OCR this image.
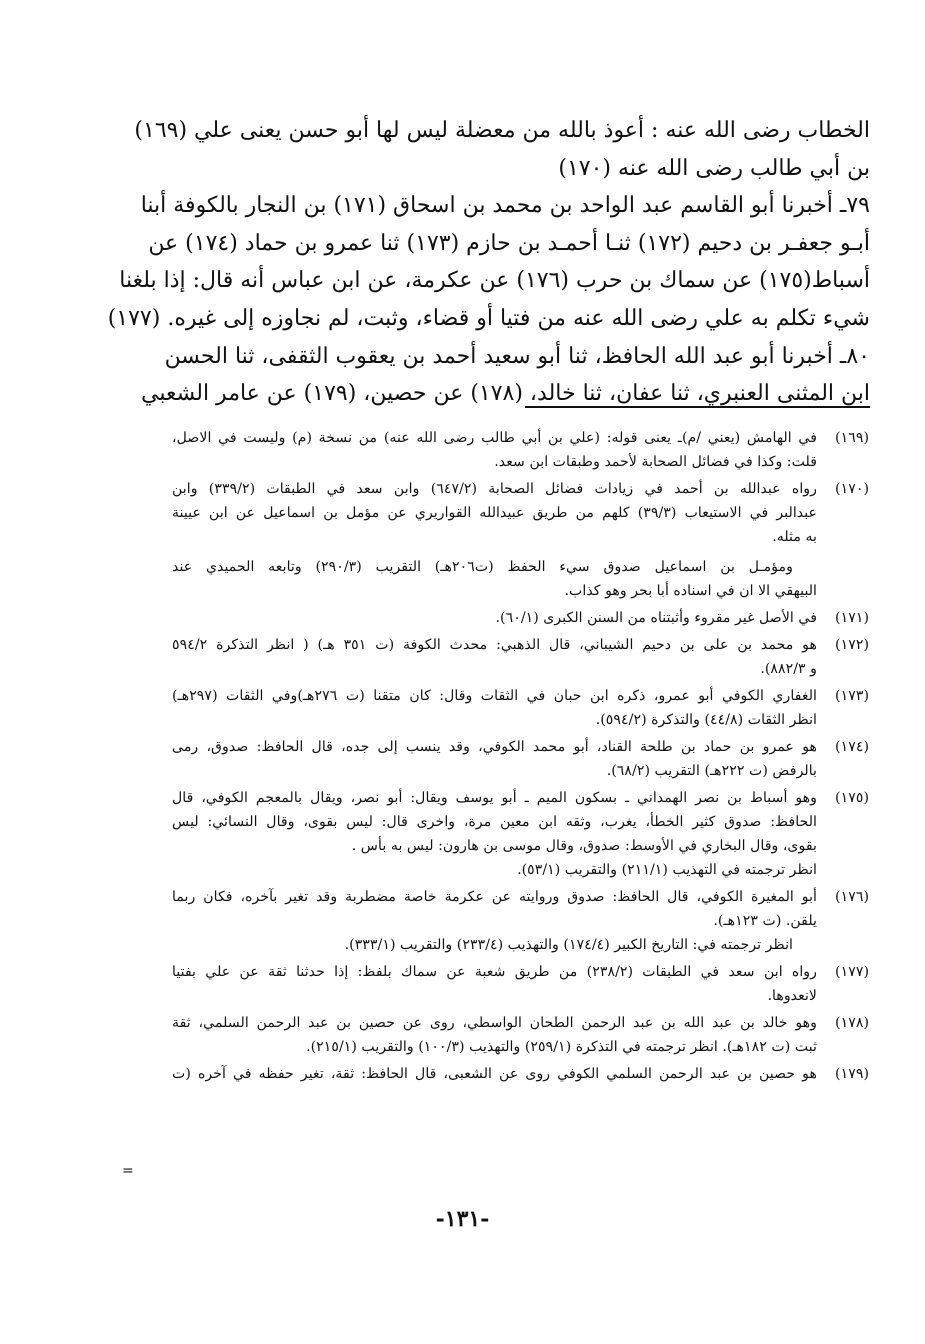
الخطاب رضى الله عنه : أعوذ بالله من معضلة ليس لها أبو حسن يعنى علي (١٦٩)
بن أبي طالب رضى الله عنه (١٧٠)
٧٩ـ أخبرنا أبو القاسم عبد الواحد بن محمد بن اسحاق (١٧١) بن النجار بالكوفة أبنا
أبـو جعفـر بن دحيم (١٧٢) ثنـا أحمـد بن حازم (١٧٣) ثنا عمرو بن حماد (١٧٤) عن
أسباط(١٧٥) عن سماك بن حرب (١٧٦) عن عكرمة، عن ابن عباس أنه قال: إذا بلغنا
شيء تكلم به علي رضى الله عنه من فتيا أو قضاء، وثبت، لم نجاوزه إلى غيره. (١٧٧)
٨٠ـ أخبرنا أبو عبد الله الحافظ، ثنا أبو سعيد أحمد بن يعقوب الثقفى، ثنا الحسن
ابن المثنى العنبري، ثنا عفان، ثنا خالد، (١٧٨) عن حصين، (١٧٩) عن عامر الشعبي
(١٦٩)
في الهامش (يعني /م)ـ يعنى قوله: (علي بن أبي طالب رضى الله عنه) من نسخة (م) وليست في الاصل،
قلت: وكذا في فضائل الصحابة لأحمد وطبقات ابن سعد.
(١٧٠)
رواه عبدالله بن أحمد في زيادات فضائل الصحابة (٦٤٧/٢) وابن سعد في الطبقات (٣٣٩/٢) وابن
عبدالبر في الاستيعاب (٣٩/٣) كلهم من طريق عبيدالله القواريري عن مؤمل بن اسماعيل عن ابن عيينة
به مثله.
ومؤمـل بن اسماعيل صدوق سيء الحفظ (ت٢٠٦هـ) التقريب (٢٩٠/٣) وتابعه الحميدي عند
البيهقي الا ان في اسناده أبا بحر وهو كذاب.
(١٧١)
في الأصل غير مقروء وأثبتناه من السنن الكبرى (٦٠/١).
(١٧٢)
هو محمد بن على بن دحيم الشيباني، قال الذهبي: محدث الكوفة (ت ٣٥١ هـ) ( انظر التذكرة ٥٩٤/٢
و ٨٨٢/٣).
(١٧٣)
الغفاري الكوفي أبو عمرو، ذكره ابن حبان في الثقات وقال: كان متقنا (ت ٢٧٦هـ)وفي الثقات (٢٩٧هـ)
انظر الثقات (٤٤/٨) والتذكرة (٥٩٤/٢).
(١٧٤)
هو عمرو بن حماد بن طلحة القناد، أبو محمد الكوفي، وقد ينسب إلى جده، قال الحافظ: صدوق، رمى
بالرفض (ت ٢٢٢هـ) التقريب (٦٨/٢).
(١٧٥)
وهو أسباط بن نصر الهمداني ـ بسكون الميم ـ أبو يوسف ويقال: أبو نصر، ويقال بالمعجم الكوفي، قال
الحافظ: صدوق كثير الخطأ، يغرب، وثقه ابن معين مرة، واخرى قال: ليس بقوى، وقال النسائي: ليس
بقوى، وقال البخاري في الأوسط: صدوق، وقال موسى بن هارون: ليس به بأس .
انظر ترجمته في التهذيب (٢١١/١) والتقريب (٥٣/١).
(١٧٦)
أبو المغيرة الكوفي، قال الحافظ: صدوق وروايته عن عكرمة خاصة مضطربة وقد تغير بآخره، فكان ربما
يلقن. (ت ١٢٣هـ).
انظر ترجمته في: التاريخ الكبير (١٧٤/٤) والتهذيب (٢٣٣/٤) والتقريب (٣٣٣/١).
(١٧٧)
رواه ابن سعد في الطبقات (٢٣٨/٢) من طريق شعبة عن سماك بلفظ: إذا حدثنا ثقة عن علي بفتيا
لانعدوها.
(١٧٨)
وهو خالد بن عبد الله بن عبد الرحمن الطحان الواسطي، روى عن حصين بن عبد الرحمن السلمي، ثقة
ثبت (ت ١٨٢هـ). انظر ترجمته في التذكرة (٢٥٩/١) والتهذيب (١٠٠/٣) والتقريب (٢١٥/١).
(١٧٩)
هو حصين بن عبد الرحمن السلمي الكوفي روى عن الشعبى، قال الحافظ: ثقة، تغير حفظه في آخره (ت
=
-١٣١-
